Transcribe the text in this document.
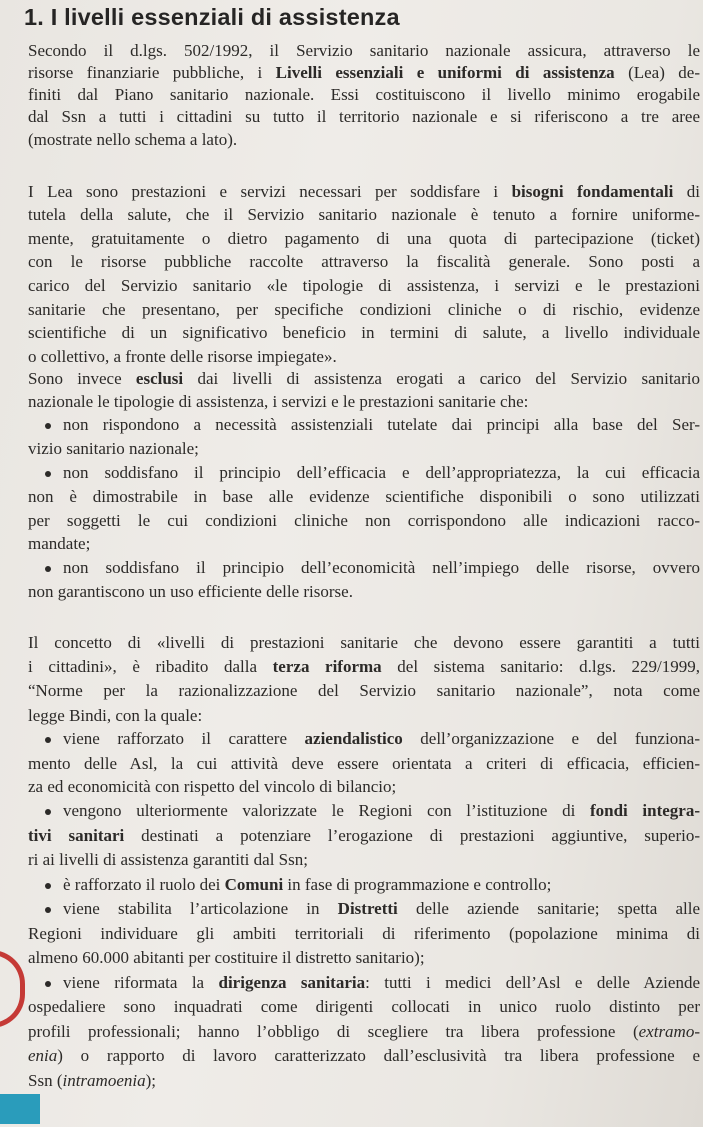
1. I livelli essenziali di assistenza
Secondo il d.lgs. 502/1992, il Servizio sanitario nazionale assicura, attraverso le
risorse finanziarie pubbliche, i Livelli essenziali e uniformi di assistenza (Lea) de-
finiti dal Piano sanitario nazionale. Essi costituiscono il livello minimo erogabile
dal Ssn a tutti i cittadini su tutto il territorio nazionale e si riferiscono a tre aree
(mostrate nello schema a lato).
I Lea sono prestazioni e servizi necessari per soddisfare i bisogni fondamentali di
tutela della salute, che il Servizio sanitario nazionale è tenuto a fornire uniforme-
mente, gratuitamente o dietro pagamento di una quota di partecipazione (ticket)
con le risorse pubbliche raccolte attraverso la fiscalità generale. Sono posti a
carico del Servizio sanitario «le tipologie di assistenza, i servizi e le prestazioni
sanitarie che presentano, per specifiche condizioni cliniche o di rischio, evidenze
scientifiche di un significativo beneficio in termini di salute, a livello individuale
o collettivo, a fronte delle risorse impiegate».
Sono invece esclusi dai livelli di assistenza erogati a carico del Servizio sanitario
nazionale le tipologie di assistenza, i servizi e le prestazioni sanitarie che:
non rispondono a necessità assistenziali tutelate dai principi alla base del Ser-
vizio sanitario nazionale;
non soddisfano il principio dell’efficacia e dell’appropriatezza, la cui efficacia
non è dimostrabile in base alle evidenze scientifiche disponibili o sono utilizzati
per soggetti le cui condizioni cliniche non corrispondono alle indicazioni racco-
mandate;
non soddisfano il principio dell’economicità nell’impiego delle risorse, ovvero
non garantiscono un uso efficiente delle risorse.
Il concetto di «livelli di prestazioni sanitarie che devono essere garantiti a tutti
i cittadini», è ribadito dalla terza riforma del sistema sanitario: d.lgs. 229/1999,
“Norme per la razionalizzazione del Servizio sanitario nazionale”, nota come
legge Bindi, con la quale:
viene rafforzato il carattere aziendalistico dell’organizzazione e del funziona-
mento delle Asl, la cui attività deve essere orientata a criteri di efficacia, efficien-
za ed economicità con rispetto del vincolo di bilancio;
vengono ulteriormente valorizzate le Regioni con l’istituzione di fondi integra-
tivi sanitari destinati a potenziare l’erogazione di prestazioni aggiuntive, superio-
ri ai livelli di assistenza garantiti dal Ssn;
è rafforzato il ruolo dei Comuni in fase di programmazione e controllo;
viene stabilita l’articolazione in Distretti delle aziende sanitarie; spetta alle
Regioni individuare gli ambiti territoriali di riferimento (popolazione minima di
almeno 60.000 abitanti per costituire il distretto sanitario);
viene riformata la dirigenza sanitaria: tutti i medici dell’Asl e delle Aziende
ospedaliere sono inquadrati come dirigenti collocati in unico ruolo distinto per
profili professionali; hanno l’obbligo di scegliere tra libera professione (extramo-
enia) o rapporto di lavoro caratterizzato dall’esclusività tra libera professione e
Ssn (intramoenia);
